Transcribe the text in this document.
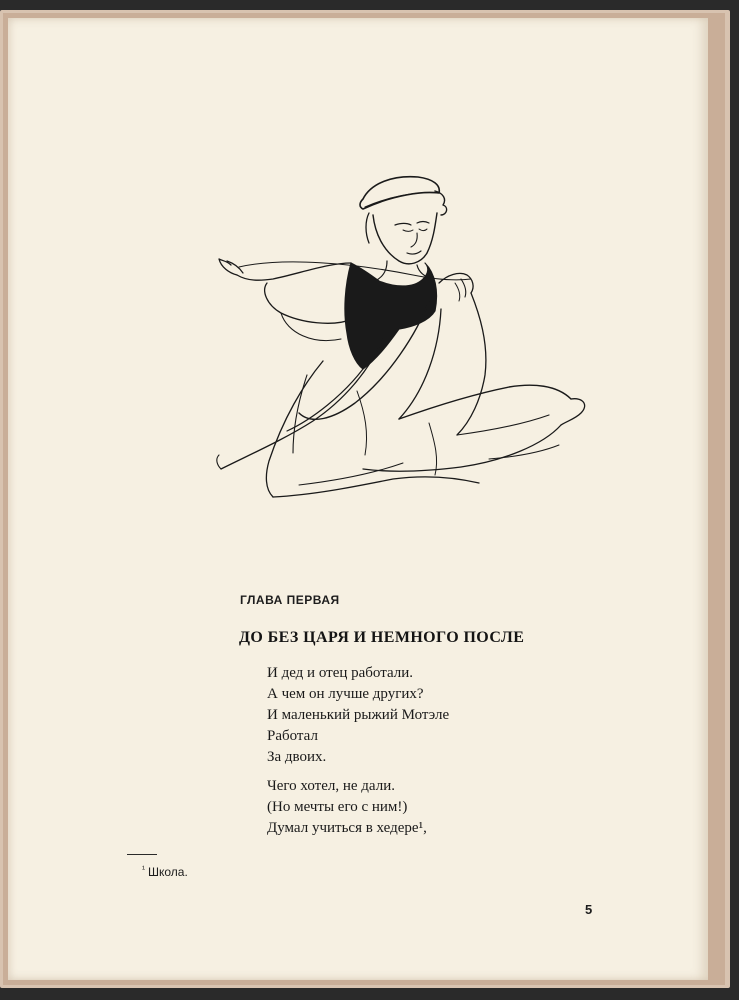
ГЛАВА ПЕРВАЯ
ДО БЕЗ ЦАРЯ И НЕМНОГО ПОСЛЕ
И дед и отец работали.
А чем он лучше других?
И маленький рыжий Мотэле
Работал
За двоих.
Чего хотел, не дали.
(Но мечты его с ним!)
Думал учиться в хедере¹,
$^{^1}$ Школа.
5
